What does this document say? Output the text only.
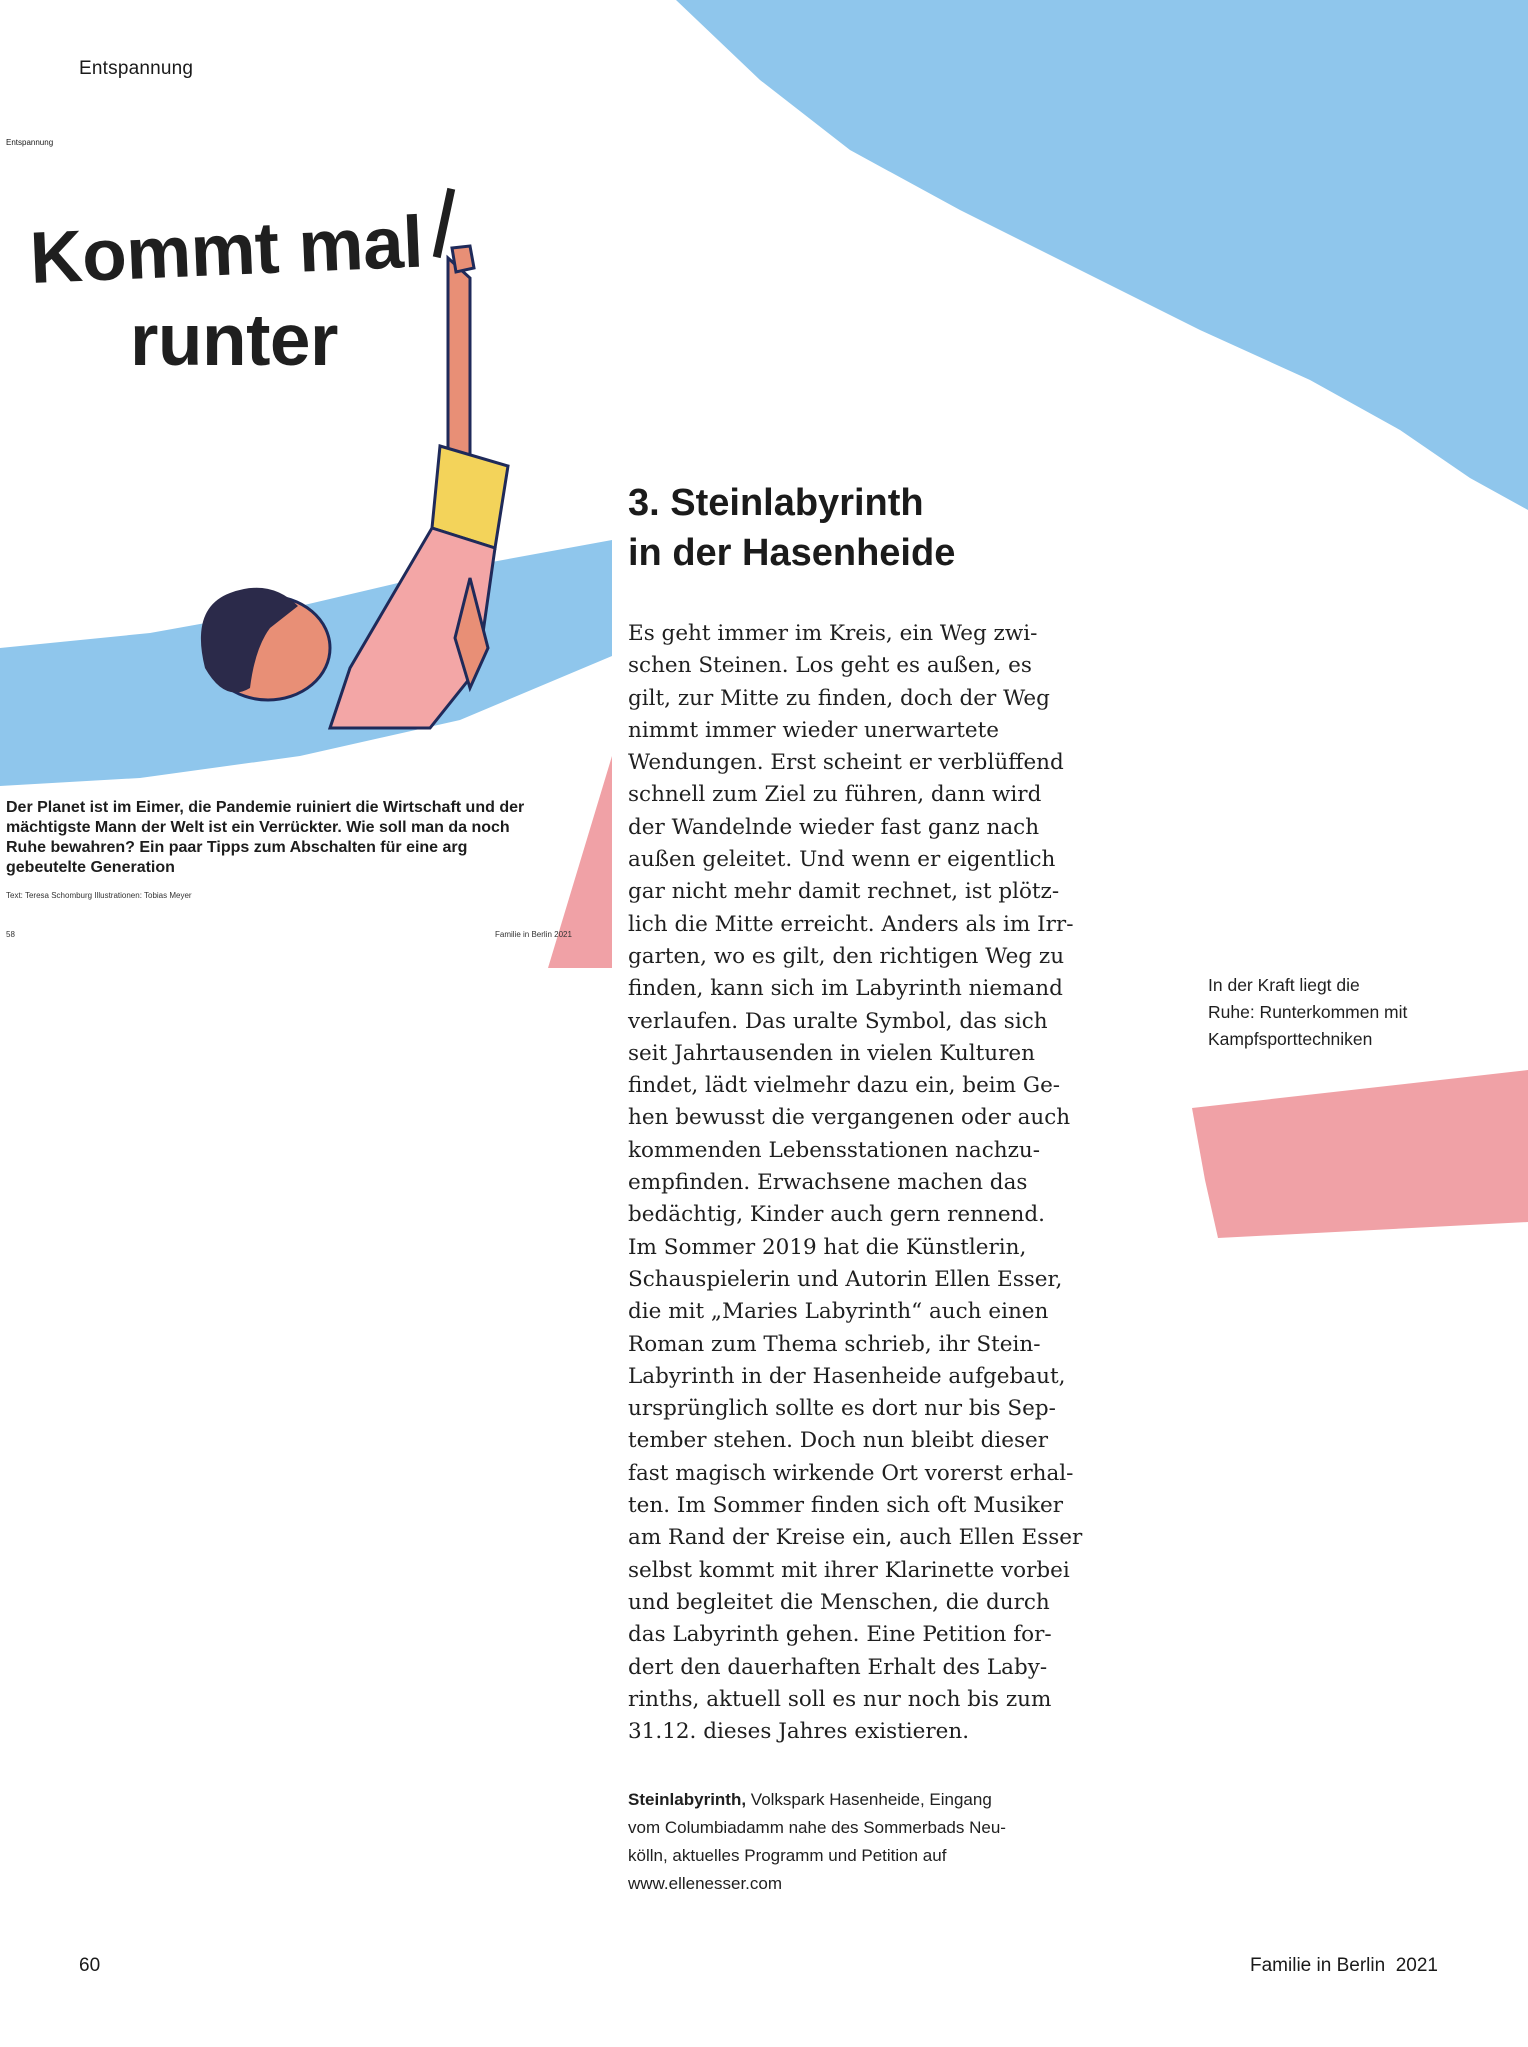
Entspannung
Entspannung
Kommt mal
runter
Der Planet ist im Eimer, die Pandemie ruiniert die Wirtschaft und der mächtigste Mann der Welt ist ein Verrückter. Wie soll man da noch Ruhe bewahren? Ein paar Tipps zum Abschalten für eine arg gebeutelte Generation
Text: Teresa Schomburg Illustrationen: Tobias Meyer
58	Familie in Berlin 2021
3. Steinlabyrinth
in der Hasenheide
Es geht immer im Kreis, ein Weg zwi-
schen Steinen. Los geht es außen, es
gilt, zur Mitte zu finden, doch der Weg
nimmt immer wieder unerwartete
Wendungen. Erst scheint er verblüffend
schnell zum Ziel zu führen, dann wird
der Wandelnde wieder fast ganz nach
außen geleitet. Und wenn er eigentlich
gar nicht mehr damit rechnet, ist plötz-
lich die Mitte erreicht. Anders als im Irr-
garten, wo es gilt, den richtigen Weg zu
finden, kann sich im Labyrinth niemand
verlaufen. Das uralte Symbol, das sich
seit Jahrtausenden in vielen Kulturen
findet, lädt vielmehr dazu ein, beim Ge-
hen bewusst die vergangenen oder auch
kommenden Lebensstationen nachzu-
empfinden. Erwachsene machen das
bedächtig, Kinder auch gern rennend.
Im Sommer 2019 hat die Künstlerin,
Schauspielerin und Autorin Ellen Esser,
die mit „Maries Labyrinth“ auch einen
Roman zum Thema schrieb, ihr Stein-
Labyrinth in der Hasenheide aufgebaut,
ursprünglich sollte es dort nur bis Sep-
tember stehen. Doch nun bleibt dieser
fast magisch wirkende Ort vorerst erhal-
ten. Im Sommer finden sich oft Musiker
am Rand der Kreise ein, auch Ellen Esser
selbst kommt mit ihrer Klarinette vorbei
und begleitet die Menschen, die durch
das Labyrinth gehen. Eine Petition for-
dert den dauerhaften Erhalt des Laby-
rinths, aktuell soll es nur noch bis zum
31.12. dieses Jahres existieren.
Steinlabyrinth, Volkspark Hasenheide, Eingang
vom Columbiadamm nahe des Sommerbads Neu-
kölln, aktuelles Programm und Petition auf
www.ellenesser.com
In der Kraft liegt die
Ruhe: Runterkommen mit
Kampfsporttechniken
60	Familie in Berlin 2021
